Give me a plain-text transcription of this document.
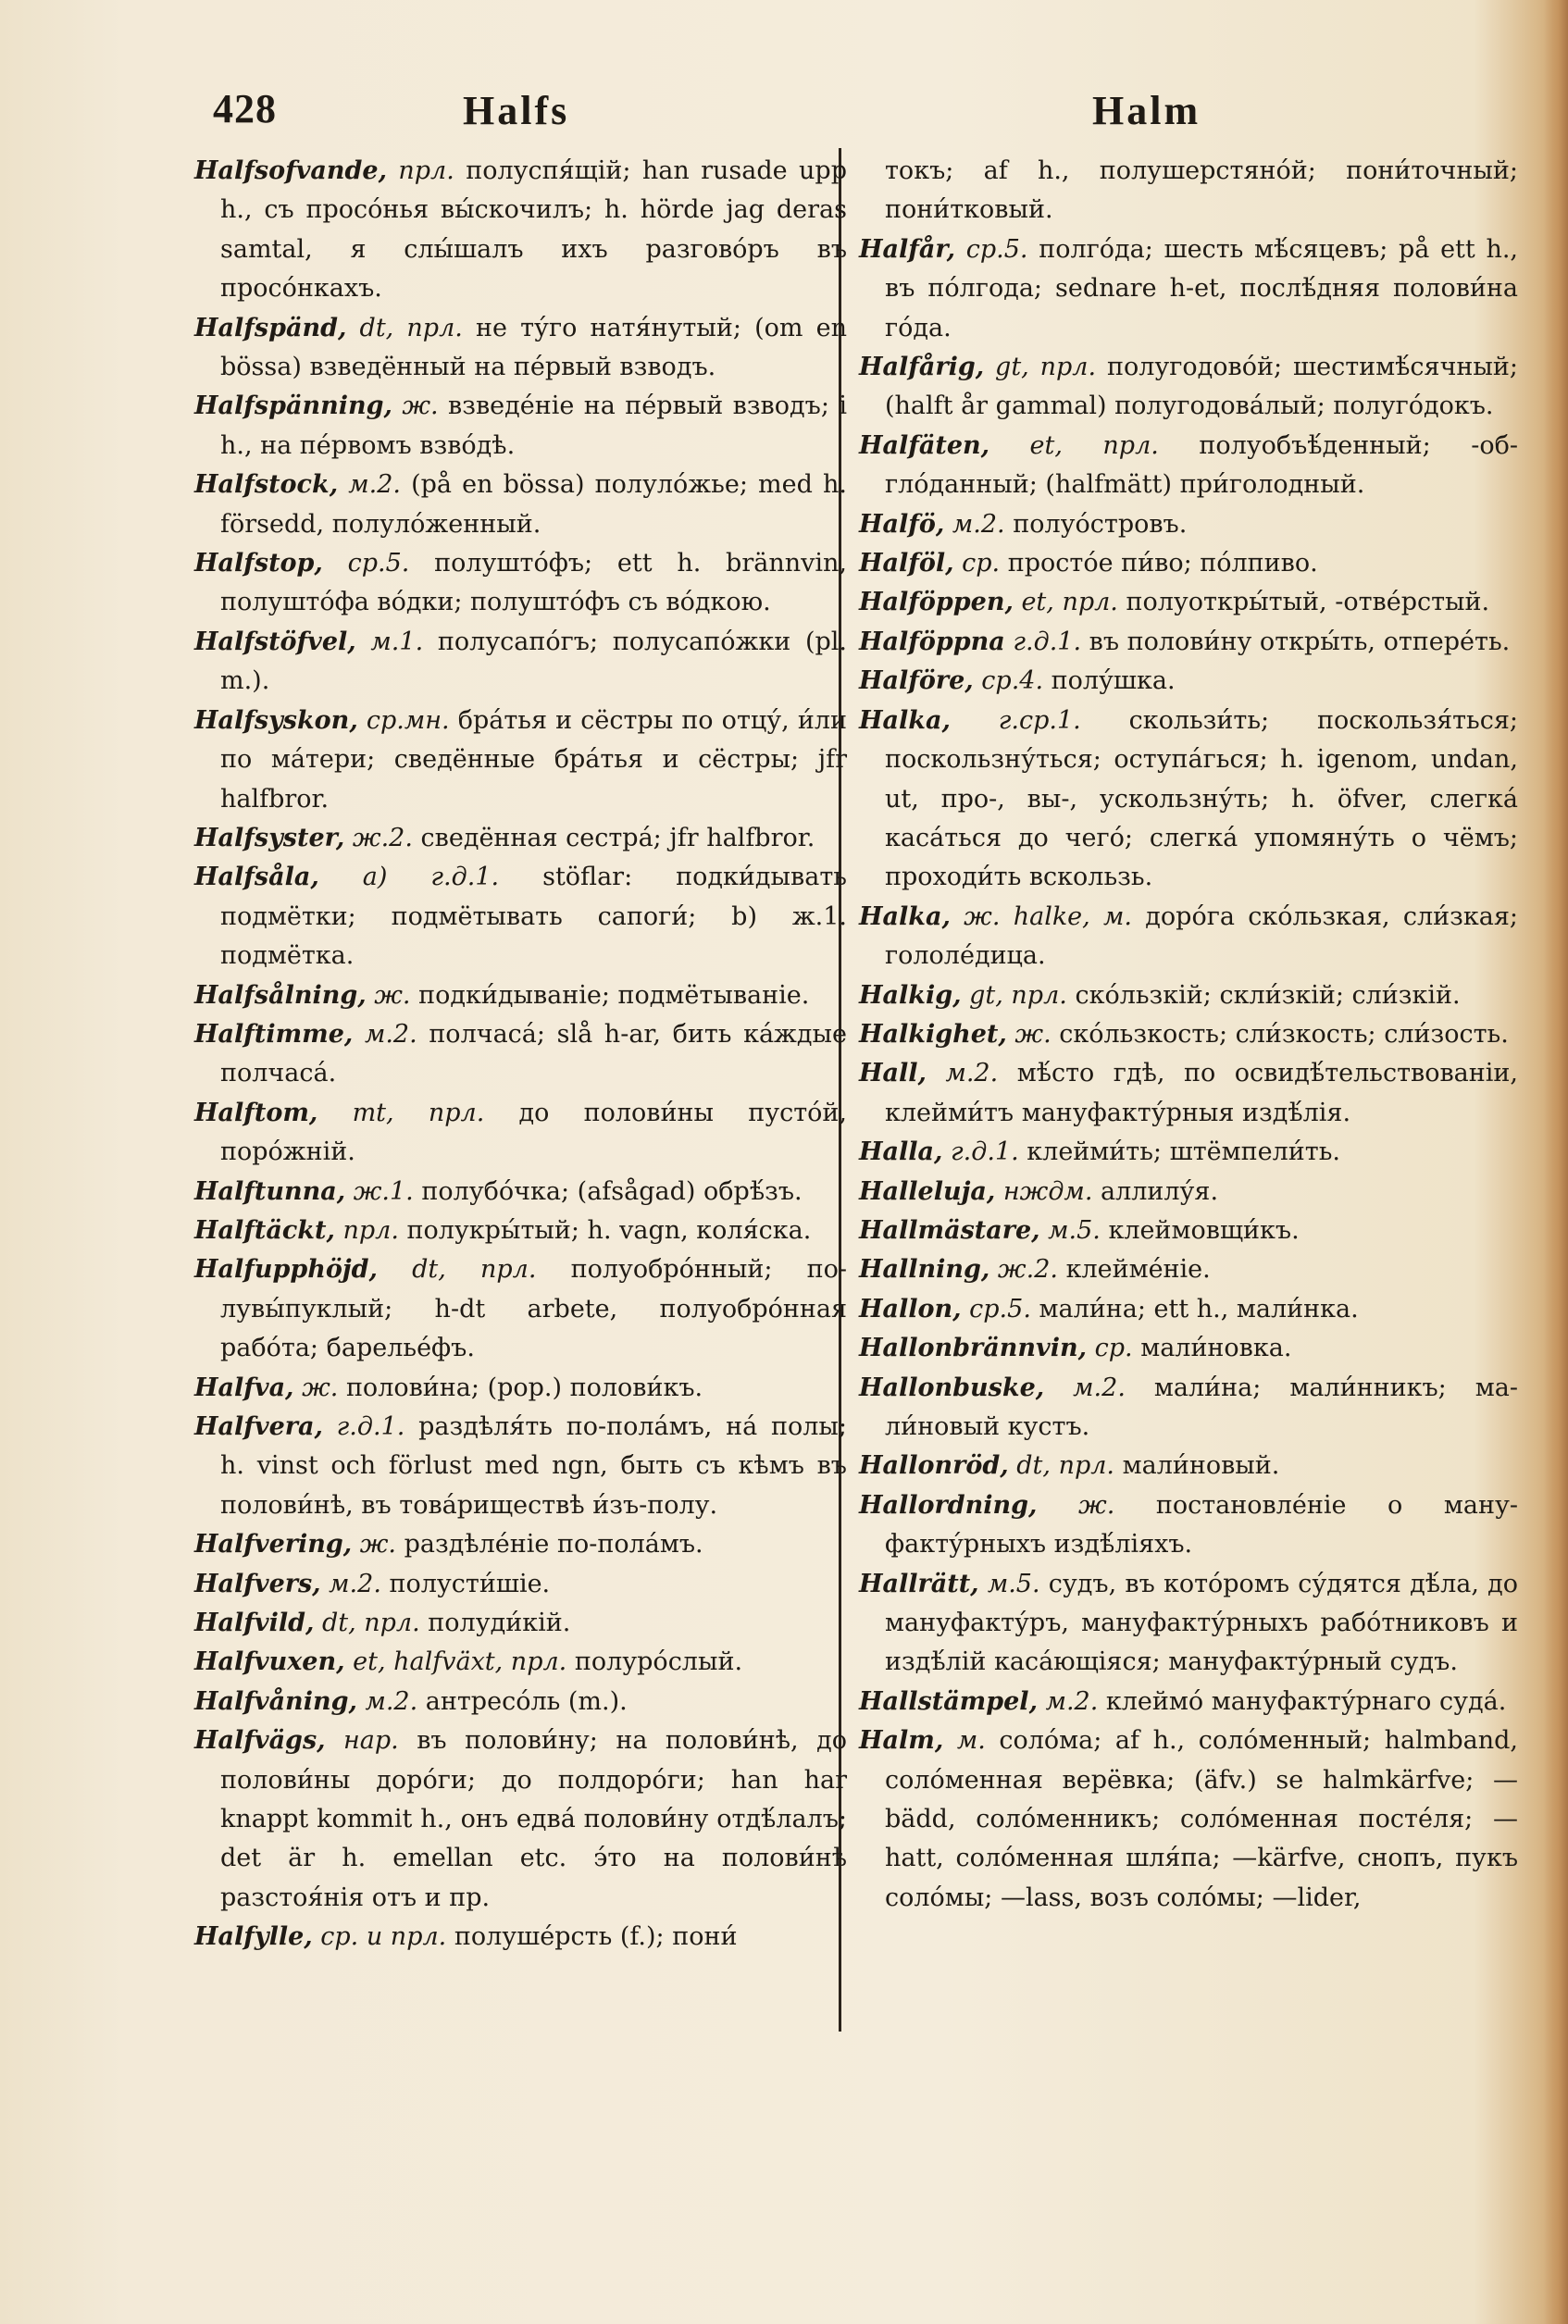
428	Halfs	Halm
Halfsofvande, прл. полуспя́щій; han rusade upp h., съ просо́нья вы́скочилъ; h. hörde jag deras samtal, я слы́шалъ ихъ разгово́ръ въ просо́нкахъ.
Halfspänd, dt, прл. не ту́го натя́нутый; (om en bössa) взведённый на пе́рвый взводъ.
Halfspänning, ж. взведе́ніе на пе́рвый взводъ; i h., на пе́рвомъ взво́дѣ.
Halfstock, м.2. (på en bössa) полуло́жье; med h. försedd, полуло́женный.
Halfstop, ср.5. полушто́фъ; ett h. brännvin, полушто́фа во́дки; полушто́фъ съ во́дкою.
Halfstöfvel, м.1. полусапо́гъ; полусапо́жки (pl. m.).
Halfsyskon, ср.мн. бра́тья и сёстры по отцу́, и́ли по ма́тери; сведённые бра́тья и сёстры; jfr halfbror.
Halfsyster, ж.2. сведённая сестра́; jfr halfbror.
Halfsåla, a) г.д.1. stöflar: подки́дывать подмётки; подмётывать сапоги́; b) ж.1. подмётка.
Halfsålning, ж. подки́дываніе; подмётываніе.
Halftimme, м.2. полчаса́; slå h-ar, бить ка́ждые полчаса́.
Halftom, mt, прл. до полови́ны пусто́й, поро́жній.
Halftunna, ж.1. полубо́чка; (afsågad) обрѣ́зъ.
Halftäckt, прл. полукры́тый; h. vagn, коля́ска.
Halfupphöjd, dt, прл. полуобро́нный; полувы́пуклый; h-dt arbete, полуобро́нная рабо́та; барелье́фъ.
Halfva, ж. полови́на; (pop.) полови́къ.
Halfvera, г.д.1. раздѣля́ть по-пола́мъ, на́ полы; h. vinst och förlust med ngn, быть съ кѣмъ въ полови́нѣ, въ това́риществѣ и́зъ-полу.
Halfvering, ж. раздѣле́ніе по-пола́мъ.
Halfvers, м.2. полусти́шіе.
Halfvild, dt, прл. полуди́кій.
Halfvuxen, et, halfväxt, прл. полуро́слый.
Halfvåning, м.2. антресо́ль (m.).
Halfvägs, нар. въ полови́ну; на полови́нѣ, до полови́ны доро́ги; до полдоро́ги; han har knappt kommit h., онъ едва́ полови́ну отдѣ́лалъ; det är h. emellan etc. э́то на полови́нѣ разстоя́нія отъ и пр.
Halfylle, ср. и прл. полуше́рсть (f.); пони́
токъ; af h., полушерстяно́й; пони́точный; пони́тковый.
Halfår, ср.5. полго́да; шесть мѣ́сяцевъ; på ett h., въ по́лгода; sednare h-et, послѣ́дняя полови́на го́да.
Halfårig, gt, прл. полугодово́й; шестимѣ́сячный; (halft år gammal) полугодова́лый; полуго́докъ.
Halfäten, et, прл. полуобъѣ́денный; -обгло́данный; (halfmätt) при́голодный.
Halfö, м.2. полуо́стровъ.
Halföl, ср. просто́е пи́во; по́лпиво.
Halföppen, et, прл. полуоткры́тый, -отве́рстый.
Halföppna г.д.1. въ полови́ну откры́ть, отпере́ть.
Halföre, ср.4. полу́шка.
Halka, г.ср.1. скользи́ть; поскользя́ться; поскользну́ться; оступа́гься; h. igenom, undan, ut, про-, вы-, ускользну́ть; h. öfver, слегка́ каса́ться до чего́; слегка́ упомяну́ть о чёмъ; проходи́ть вскользь.
Halka, ж. halke, м. доро́га ско́льзкая, сли́зкая; гололе́дица.
Halkig, gt, прл. ско́льзкій; скли́зкій; сли́зкій.
Halkighet, ж. ско́льзкость; сли́зкость; сли́зость.
Hall, м.2. мѣ́сто гдѣ, по освидѣ́тельствованіи, клейми́тъ мануфакту́рныя издѣ́лія.
Halla, г.д.1. клейми́ть; штёмпели́ть.
Halleluja, нждм. аллилу́я.
Hallmästare, м.5. клеймовщи́къ.
Hallning, ж.2. клейме́ніе.
Hallon, ср.5. мали́на; ett h., мали́нка.
Hallonbrännvin, ср. мали́новка.
Hallonbuske, м.2. мали́на; мали́нникъ; мали́новый кустъ.
Hallonröd, dt, прл. мали́новый.
Hallordning, ж. постановле́ніе о мануфакту́рныхъ издѣ́ліяхъ.
Hallrätt, м.5. судъ, въ кото́ромъ су́дятся дѣ́ла, до мануфакту́ръ, мануфакту́рныхъ рабо́тниковъ и издѣ́лій каса́ющіяся; мануфакту́рный судъ.
Hallstämpel, м.2. клеймо́ мануфакту́рнаго суда́.
Halm, м. соло́ма; af h., соло́менный; halmband, соло́менная верёвка; (äfv.) se halmkärfve; —bädd, соло́менникъ; соло́менная посте́ля; —hatt, соло́менная шля́па; —kärfve, снопъ, пукъ соло́мы; —lass, возъ соло́мы; —lider,
